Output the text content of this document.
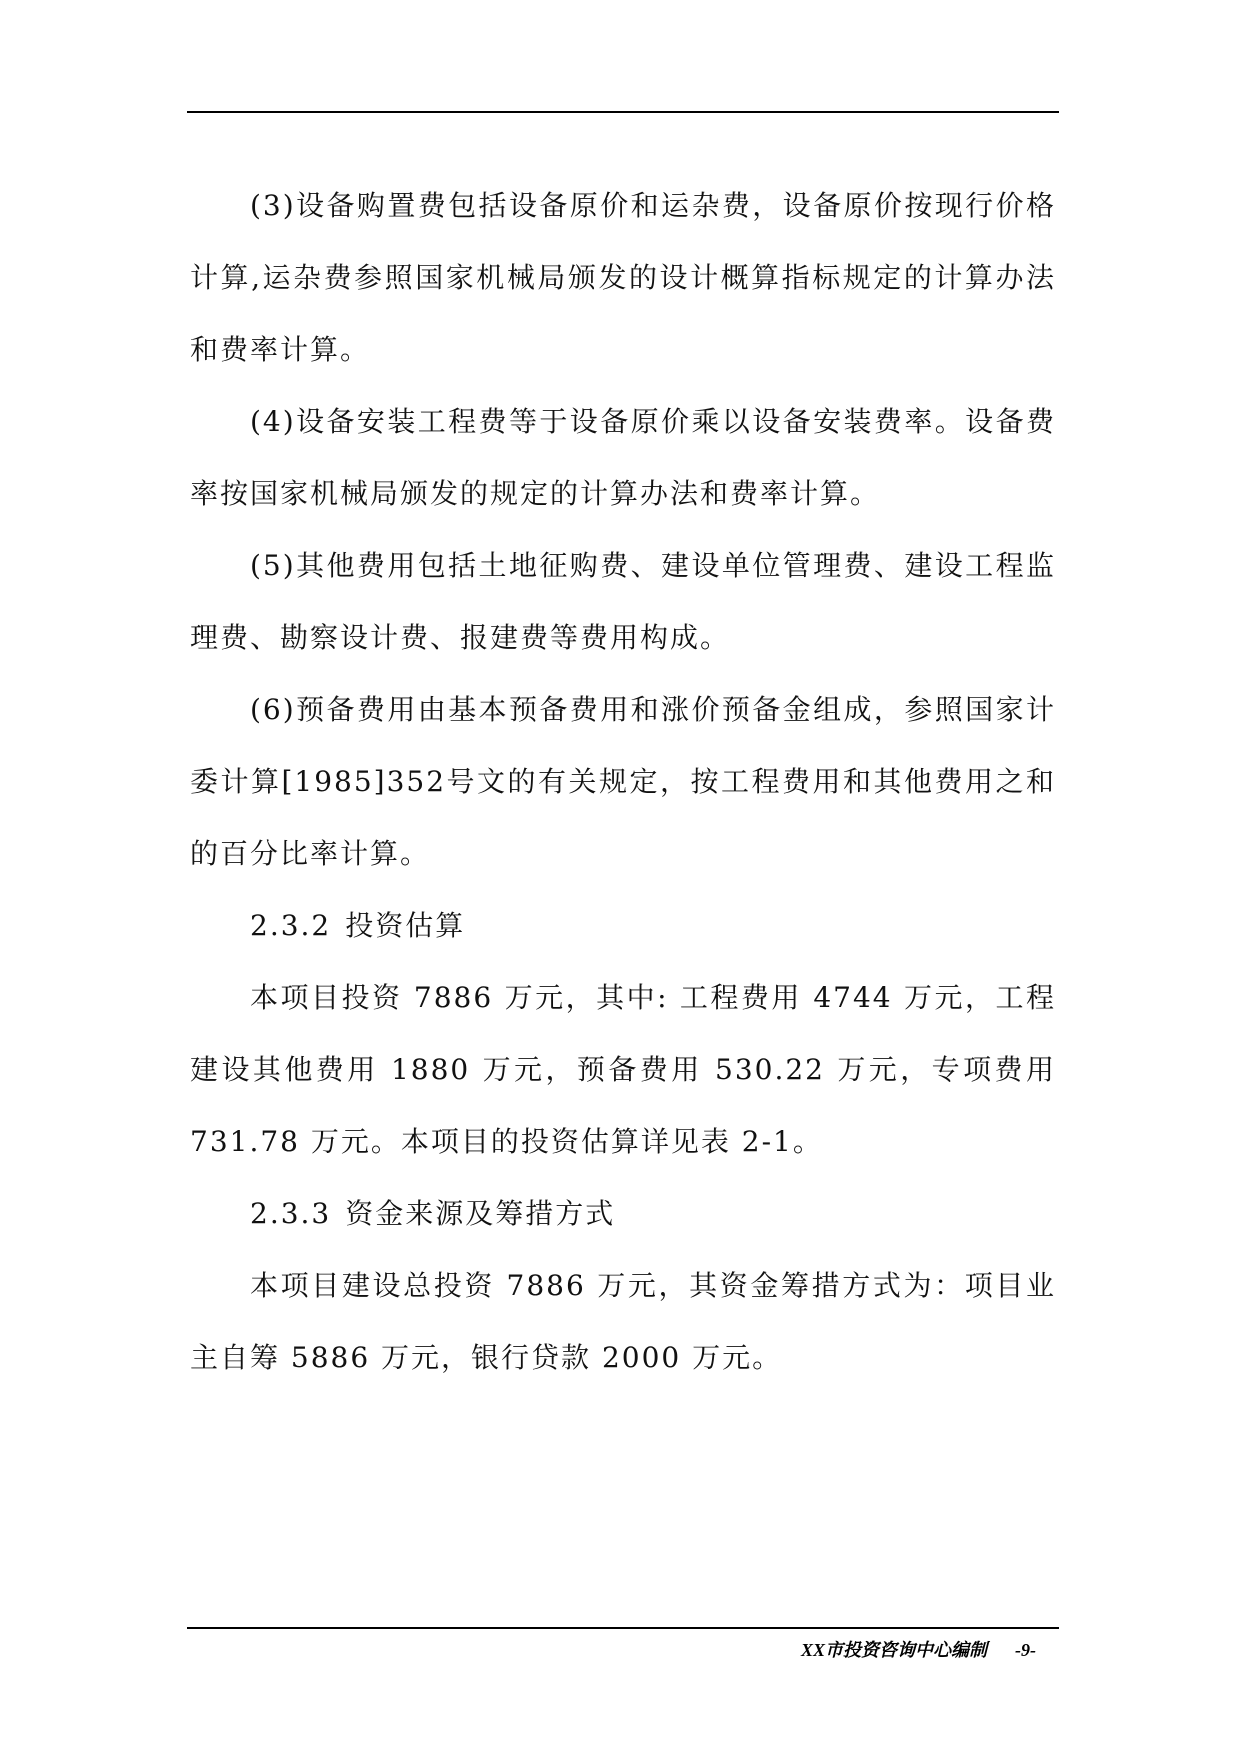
(3)设备购置费包括设备原价和运杂费，设备原价按现行价格计算,运杂费参照国家机械局颁发的设计概算指标规定的计算办法和费率计算。

(4)设备安装工程费等于设备原价乘以设备安装费率。设备费率按国家机械局颁发的规定的计算办法和费率计算。

(5)其他费用包括土地征购费、建设单位管理费、建设工程监理费、勘察设计费、报建费等费用构成。

(6)预备费用由基本预备费用和涨价预备金组成，参照国家计委计算[1985]352号文的有关规定，按工程费用和其他费用之和的百分比率计算。

2.3.2 投资估算

本项目投资 7886 万元，其中: 工程费用 4744 万元，工程建设其他费用 1880 万元，预备费用 530.22 万元，专项费用 731.78 万元。本项目的投资估算详见表 2-1。

2.3.3 资金来源及筹措方式

本项目建设总投资 7886 万元，其资金筹措方式为：项目业主自筹 5886 万元，银行贷款 2000 万元。

XX市投资咨询中心编制 -9-
